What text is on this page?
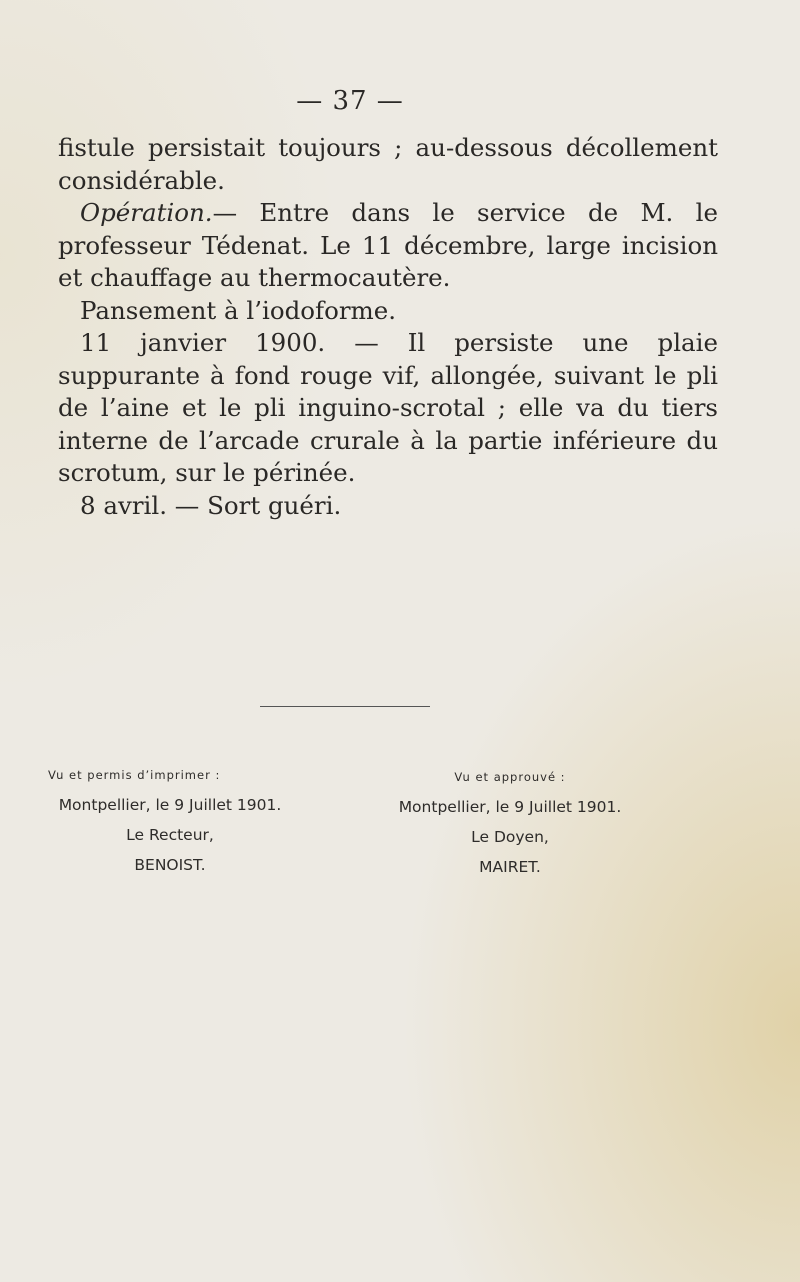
— 37 —

fistule persistait toujours ; au-dessous décollement considérable.

Opération.— Entre dans le service de M. le professeur Tédenat. Le 11 décembre, large incision et chauffage au thermocautère.

Pansement à l’iodoforme.

11 janvier 1900. — Il persiste une plaie suppurante à fond rouge vif, allongée, suivant le pli de l’aine et le pli inguino-scrotal ; elle va du tiers interne de l’arcade crurale à la partie inférieure du scrotum, sur le périnée.

8 avril. — Sort guéri.

Vu et permis d’imprimer :
Montpellier, le 9 Juillet 1901.
Le Recteur,
BENOIST.
Vu et approuvé :
Montpellier, le 9 Juillet 1901.
Le Doyen,
MAIRET.
